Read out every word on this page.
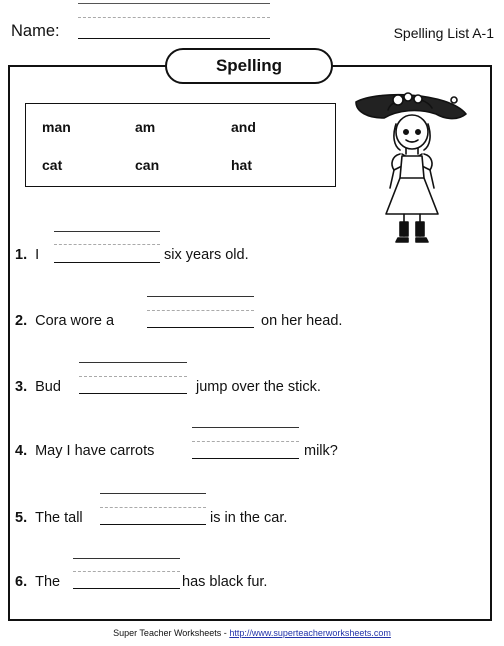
Name:	Spelling List A-1
Spelling
man	am	and
cat	can	hat
1. I	six years old.
2. Cora wore a	on her head.
3. Bud	jump over the stick.
4. May I have carrots	milk?
5. The tall	is in the car.
6. The	has black fur.
Super Teacher Worksheets - http://www.superteacherworksheets.com
